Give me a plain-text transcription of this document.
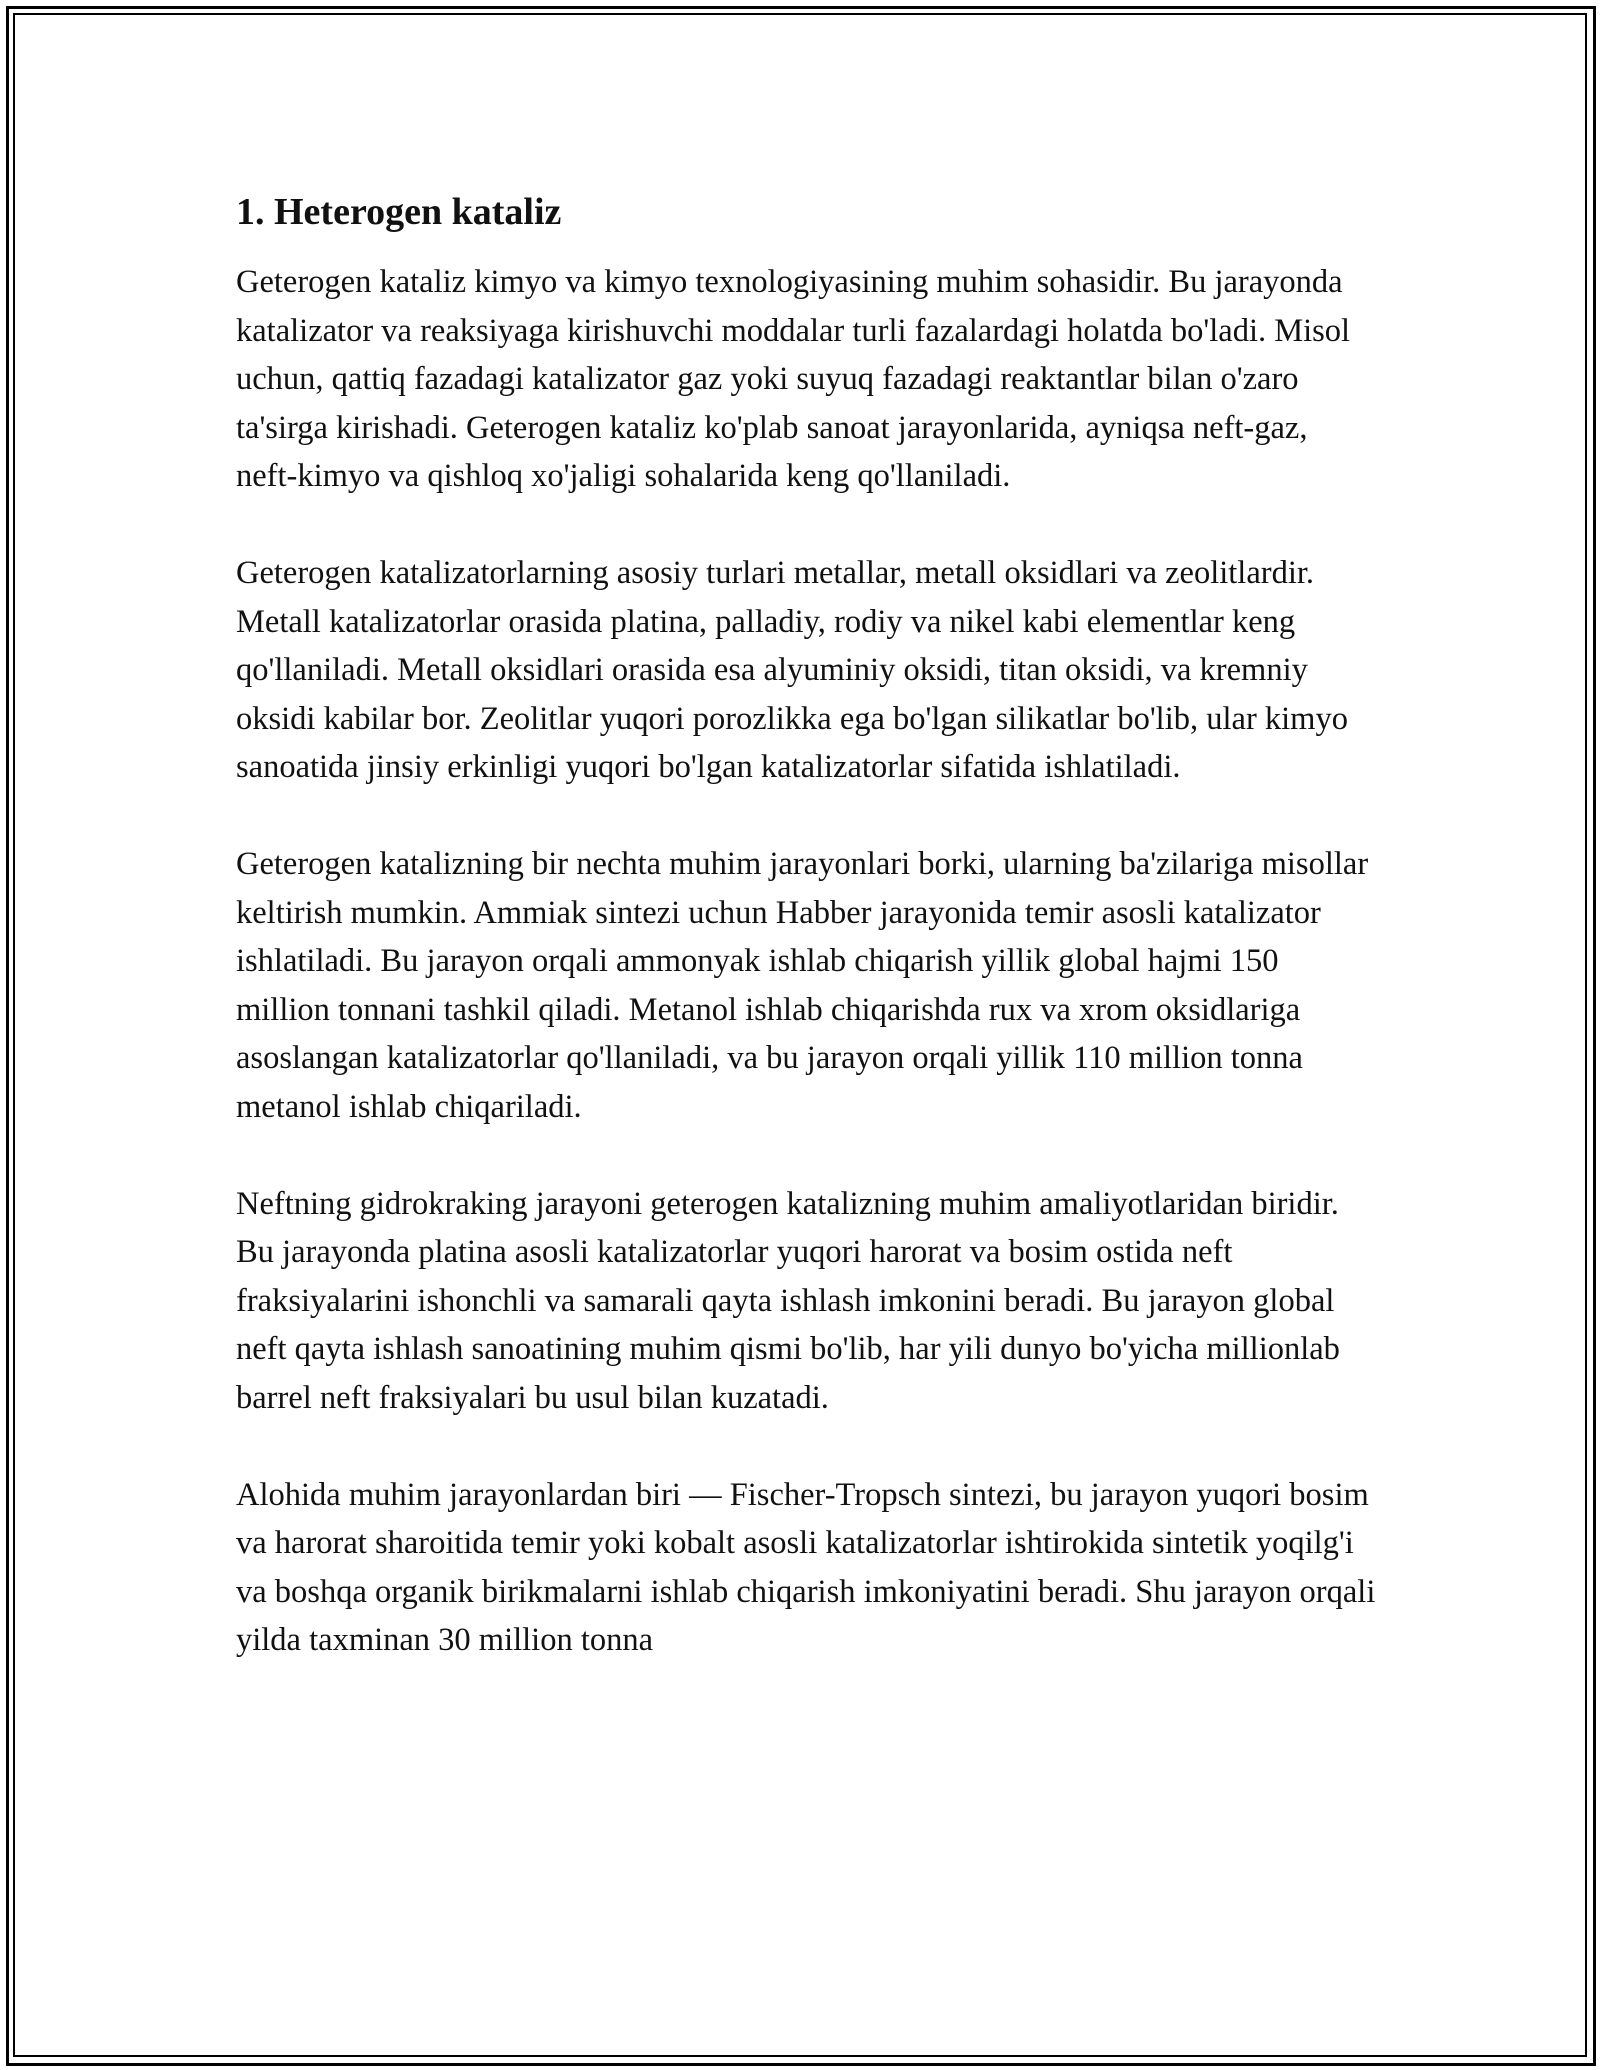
1. Heterogen kataliz

Geterogen kataliz kimyo va kimyo texnologiyasining muhim sohasidir. Bu jarayonda katalizator va reaksiyaga kirishuvchi moddalar turli fazalardagi holatda bo'ladi. Misol uchun, qattiq fazadagi katalizator gaz yoki suyuq fazadagi reaktantlar bilan o'zaro ta'sirga kirishadi. Geterogen kataliz ko'plab sanoat jarayonlarida, ayniqsa neft-gaz, neft-kimyo va qishloq xo'jaligi sohalarida keng qo'llaniladi.

Geterogen katalizatorlarning asosiy turlari metallar, metall oksidlari va zeolitlardir. Metall katalizatorlar orasida platina, palladiy, rodiy va nikel kabi elementlar keng qo'llaniladi. Metall oksidlari orasida esa alyuminiy oksidi, titan oksidi, va kremniy oksidi kabilar bor. Zeolitlar yuqori porozlikka ega bo'lgan silikatlar bo'lib, ular kimyo sanoatida jinsiy erkinligi yuqori bo'lgan katalizatorlar sifatida ishlatiladi.

Geterogen katalizning bir nechta muhim jarayonlari borki, ularning ba'zilariga misollar keltirish mumkin. Ammiak sintezi uchun Habber jarayonida temir asosli katalizator ishlatiladi. Bu jarayon orqali ammonyak ishlab chiqarish yillik global hajmi 150 million tonnani tashkil qiladi. Metanol ishlab chiqarishda rux va xrom oksidlariga asoslangan katalizatorlar qo'llaniladi, va bu jarayon orqali yillik 110 million tonna metanol ishlab chiqariladi.

Neftning gidrokraking jarayoni geterogen katalizning muhim amaliyotlaridan biridir. Bu jarayonda platina asosli katalizatorlar yuqori harorat va bosim ostida neft fraksiyalarini ishonchli va samarali qayta ishlash imkonini beradi. Bu jarayon global neft qayta ishlash sanoatining muhim qismi bo'lib, har yili dunyo bo'yicha millionlab barrel neft fraksiyalari bu usul bilan kuzatadi.

Alohida muhim jarayonlardan biri — Fischer-Tropsch sintezi, bu jarayon yuqori bosim va harorat sharoitida temir yoki kobalt asosli katalizatorlar ishtirokida sintetik yoqilg'i va boshqa organik birikmalarni ishlab chiqarish imkoniyatini beradi. Shu jarayon orqali yilda taxminan 30 million tonna
